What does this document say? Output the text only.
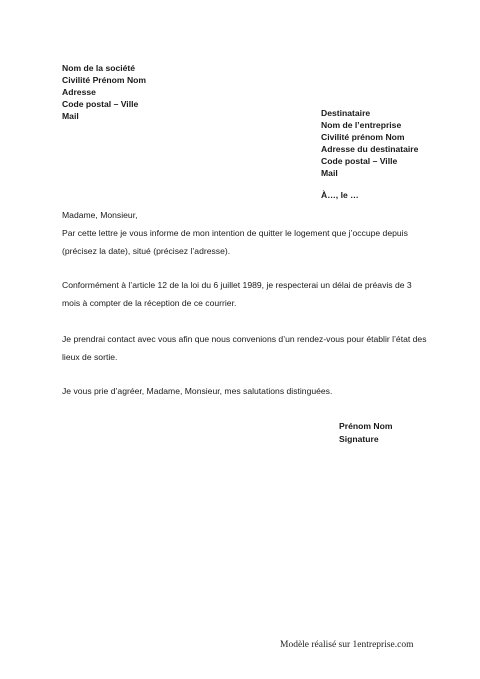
Nom de la société
Civilité Prénom Nom
Adresse
Code postal – Ville
Mail	Destinataire
Nom de l’entreprise
Civilité prénom Nom
Adresse du destinataire
Code postal – Ville
Mail
À…, le …
Madame, Monsieur,
Par cette lettre je vous informe de mon intention de quitter le logement que j’occupe depuis (précisez la date), situé (précisez l’adresse).
Conformément à l’article 12 de la loi du 6 juillet 1989, je respecterai un délai de préavis de 3 mois à compter de la réception de ce courrier.
Je prendrai contact avec vous afin que nous convenions d’un rendez-vous pour établir l’état des lieux de sortie.
Je vous prie d’agréer, Madame, Monsieur, mes salutations distinguées.
Prénom Nom
Signature
Modèle réalisé sur 1entreprise.com
